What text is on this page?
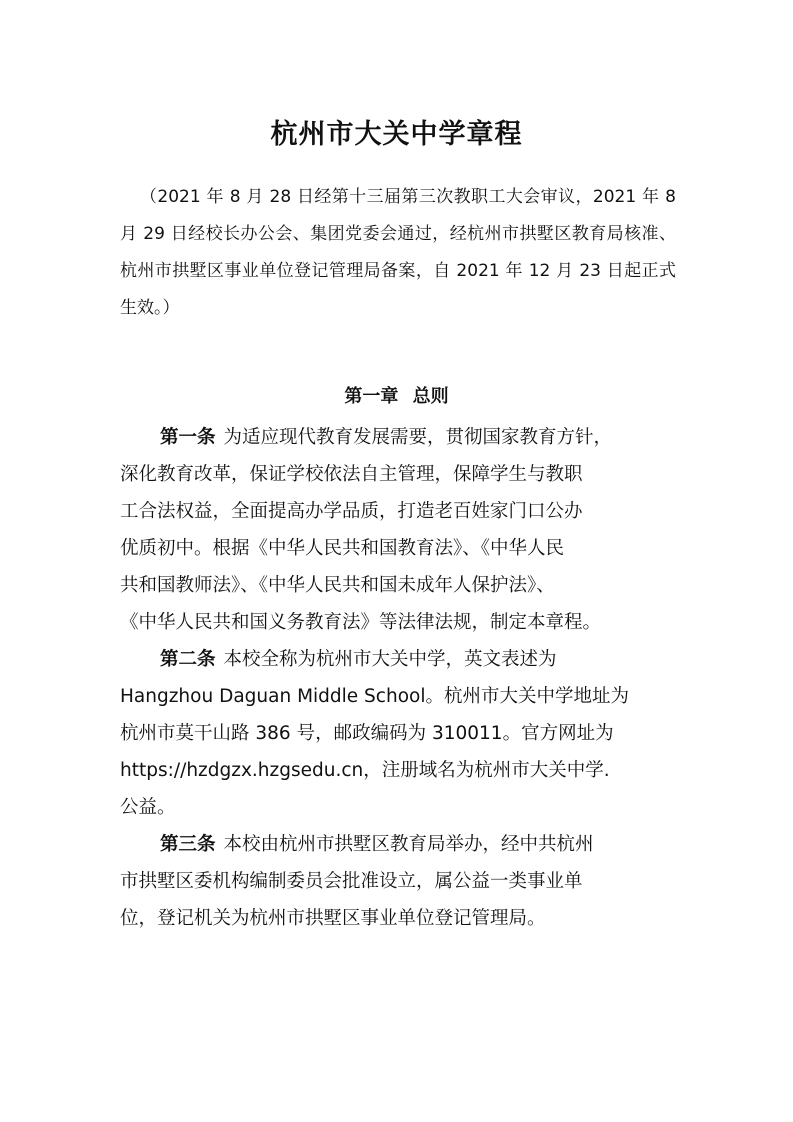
杭州市大关中学章程

（2021 年 8 月 28 日经第十三届第三次教职工大会审议，2021 年 8 月 29 日经校长办公会、集团党委会通过，经杭州市拱墅区教育局核准、杭州市拱墅区事业单位登记管理局备案，自 2021 年 12 月 23 日起正式生效。）

第一章 总则
第一条 为适应现代教育发展需要，贯彻国家教育方针，
深化教育改革，保证学校依法自主管理，保障学生与教职
工合法权益，全面提高办学品质，打造老百姓家门口公办
优质初中。根据《中华人民共和国教育法》、《中华人民
共和国教师法》、《中华人民共和国未成年人保护法》、
《中华人民共和国义务教育法》等法律法规，制定本章程。
第二条 本校全称为杭州市大关中学，英文表述为
Hangzhou Daguan Middle School。杭州市大关中学地址为
杭州市莫干山路 386 号，邮政编码为 310011。官方网址为
https://hzdgzx.hzgsedu.cn，注册域名为杭州市大关中学.
公益。
第三条 本校由杭州市拱墅区教育局举办，经中共杭州
市拱墅区委机构编制委员会批准设立，属公益一类事业单
位，登记机关为杭州市拱墅区事业单位登记管理局。
